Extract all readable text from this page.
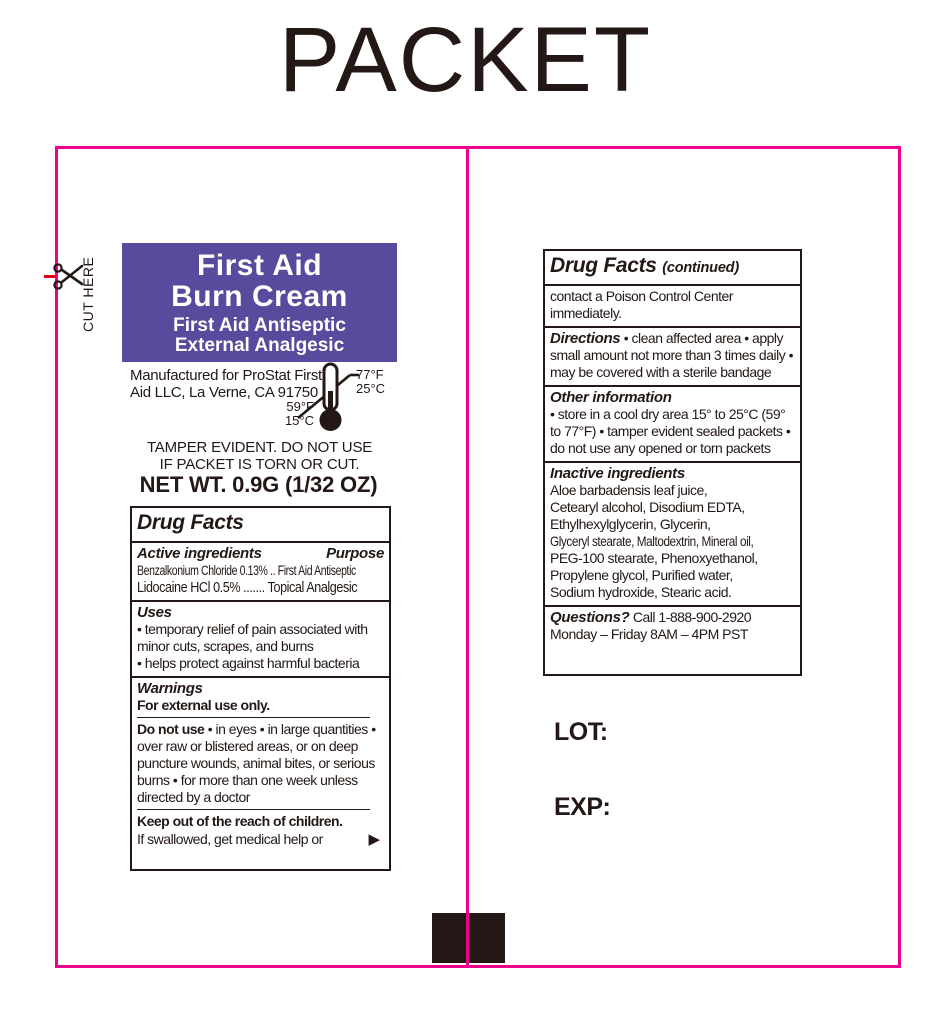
PACKET
CUT HERE	First Aid
Burn Cream
First Aid Antiseptic
External Analgesic
Manufactured for ProStat First
Aid LLC, La Verne, CA 91750
77°F
25°C
59°F
15°C
TAMPER EVIDENT. DO NOT USE
IF PACKET IS TORN OR CUT.
NET WT. 0.9G (1/32 OZ)
Drug Facts
Active ingredients	Purpose
Benzalkonium Chloride 0.13% .. First Aid Antiseptic
Lidocaine HCl 0.5% ....... Topical Analgesic
Uses
• temporary relief of pain associated with minor cuts, scrapes, and burns
• helps protect against harmful bacteria
Warnings
For external use only.
Do not use • in eyes • in large quantities • over raw or blistered areas, or on deep puncture wounds, animal bites, or serious burns • for more than one week unless directed by a doctor
Keep out of the reach of children.
If swallowed, get medical help or	▶
Drug Facts (continued)
contact a Poison Control Center immediately.
Directions • clean affected area • apply small amount not more than 3 times daily • may be covered with a sterile bandage
Other information
• store in a cool dry area 15° to 25°C (59° to 77°F) • tamper evident sealed packets • do not use any opened or torn packets
Inactive ingredients
Aloe barbadensis leaf juice,
Cetearyl alcohol, Disodium EDTA,
Ethylhexylglycerin, Glycerin,
Glyceryl stearate, Maltodextrin, Mineral oil,
PEG-100 stearate, Phenoxyethanol,
Propylene glycol, Purified water,
Sodium hydroxide, Stearic acid.
Questions? Call 1-888-900-2920 Monday – Friday 8AM – 4PM PST
LOT:
EXP:
